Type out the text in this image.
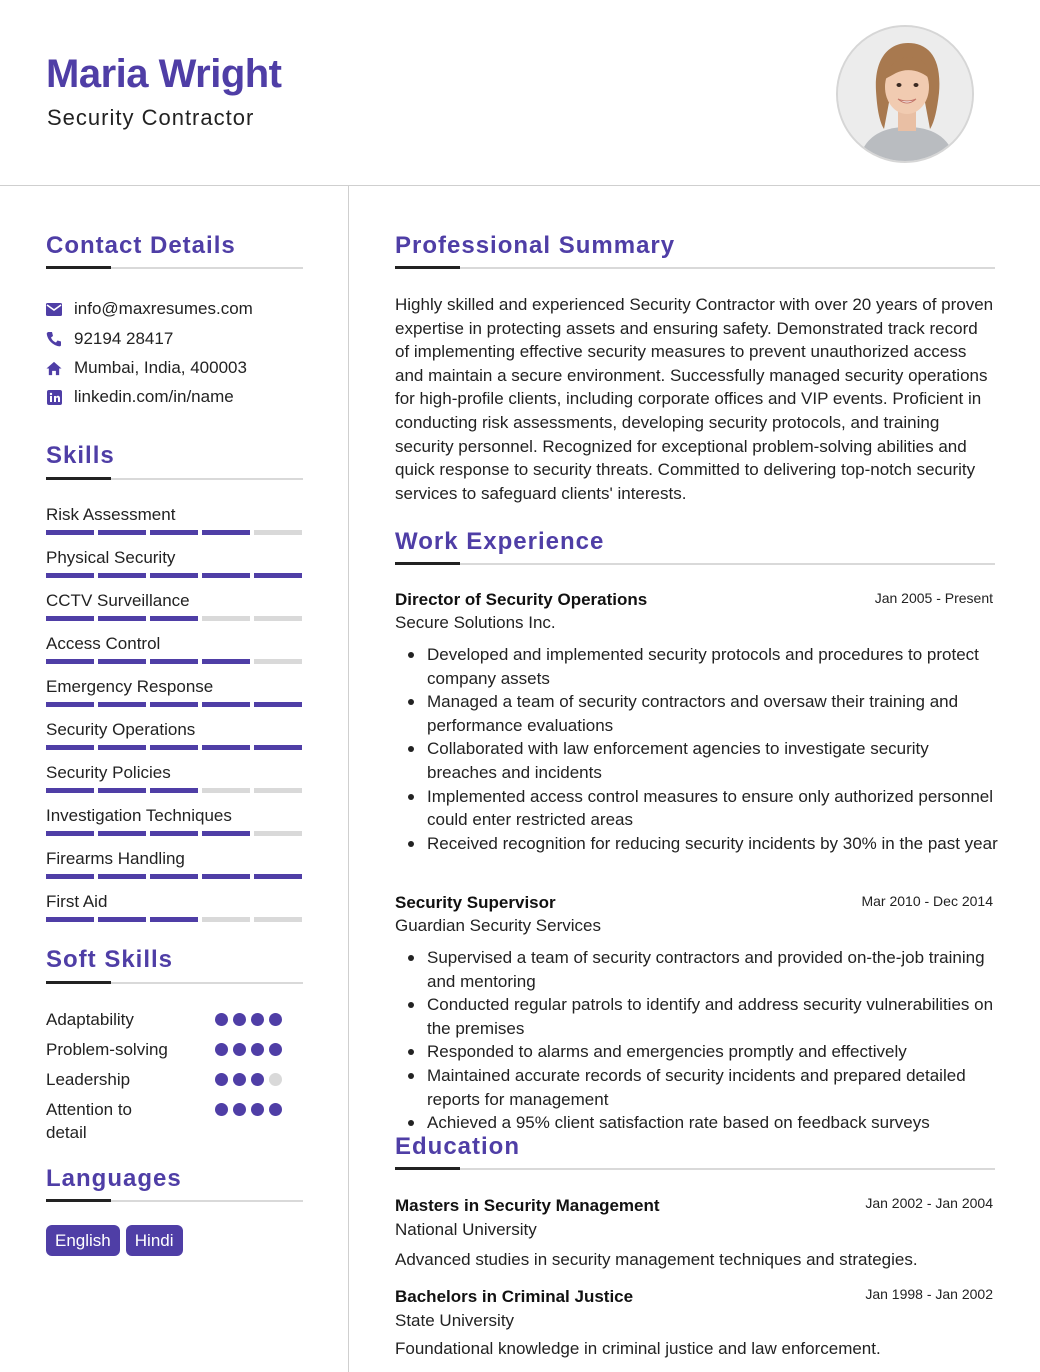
Maria Wright
Security Contractor
Contact Details
info@maxresumes.com
92194 28417
Mumbai, India, 400003
linkedin.com/in/name
Skills
Risk Assessment
Physical Security
CCTV Surveillance
Access Control
Emergency Response
Security Operations
Security Policies
Investigation Techniques
Firearms Handling
First Aid
Soft Skills
Adaptability
Problem-solving
Leadership
Attention to detail
Languages
English	Hindi
Professional Summary
Highly skilled and experienced Security Contractor with over 20 years of proven expertise in protecting assets and ensuring safety. Demonstrated track record of implementing effective security measures to prevent unauthorized access and maintain a secure environment. Successfully managed security operations for high-profile clients, including corporate offices and VIP events. Proficient in conducting risk assessments, developing security protocols, and training security personnel. Recognized for exceptional problem-solving abilities and quick response to security threats. Committed to delivering top-notch security services to safeguard clients' interests.
Work Experience
Director of Security Operations	Jan 2005 - Present
Secure Solutions Inc.
Developed and implemented security protocols and procedures to protect company assets
Managed a team of security contractors and oversaw their training and performance evaluations
Collaborated with law enforcement agencies to investigate security breaches and incidents
Implemented access control measures to ensure only authorized personnel could enter restricted areas
Received recognition for reducing security incidents by 30% in the past year
Security Supervisor	Mar 2010 - Dec 2014
Guardian Security Services
Supervised a team of security contractors and provided on-the-job training and mentoring
Conducted regular patrols to identify and address security vulnerabilities on the premises
Responded to alarms and emergencies promptly and effectively
Maintained accurate records of security incidents and prepared detailed reports for management
Achieved a 95% client satisfaction rate based on feedback surveys
Education
Masters in Security Management	Jan 2002 - Jan 2004
National University
Advanced studies in security management techniques and strategies.
Bachelors in Criminal Justice	Jan 1998 - Jan 2002
State University
Foundational knowledge in criminal justice and law enforcement.
